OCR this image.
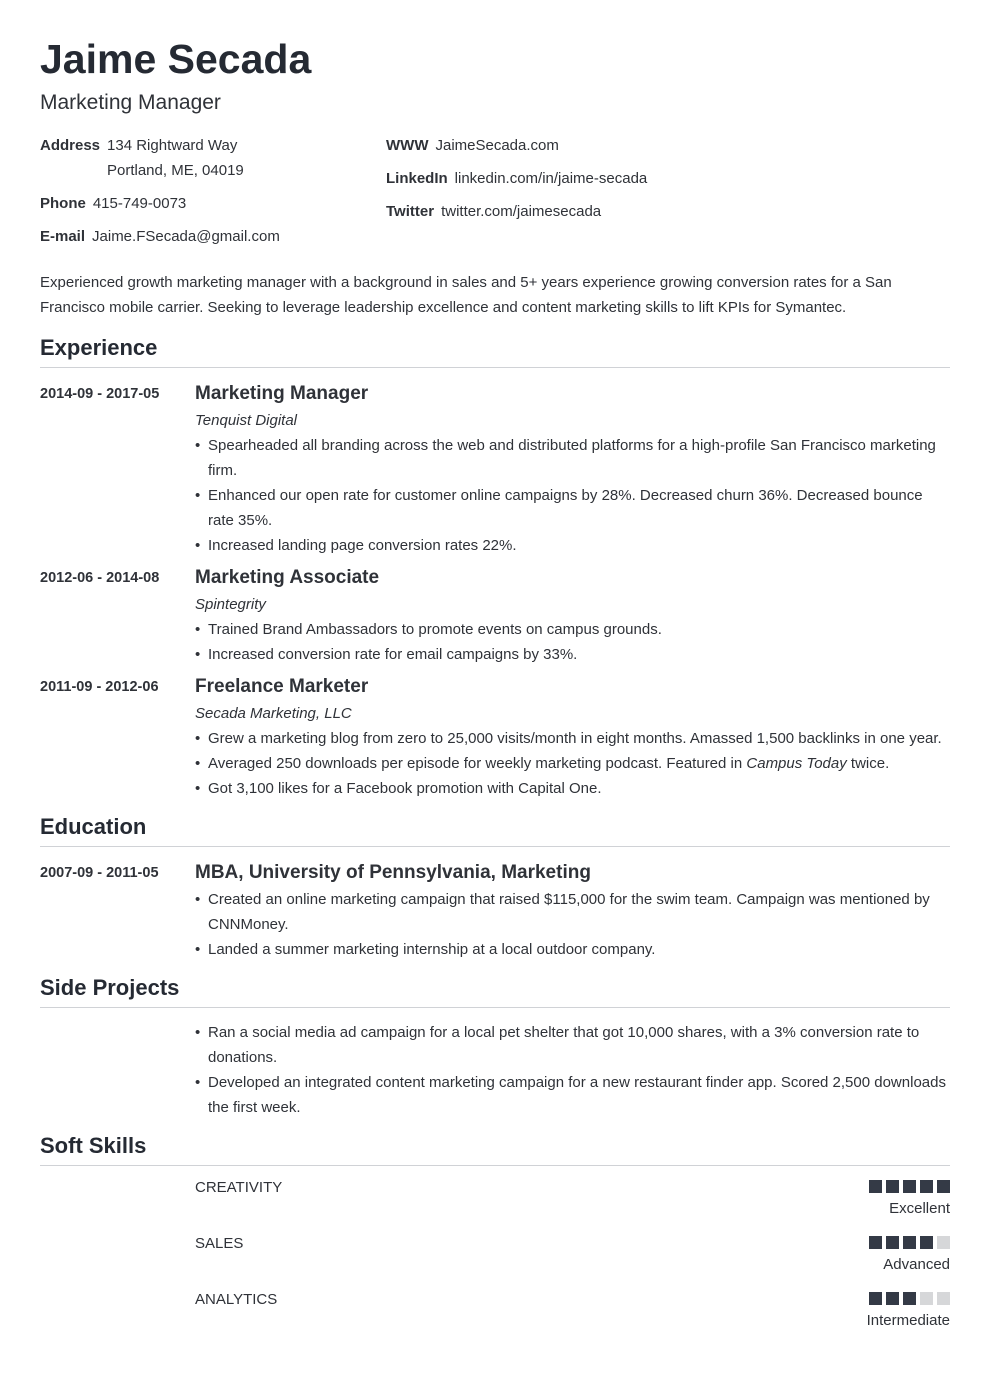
Jaime Secada
Marketing Manager
Address 134 Rightward Way
Portland, ME, 04019
Phone 415-749-0073
E-mail Jaime.FSecada@gmail.com
WWW JaimeSecada.com
LinkedIn linkedin.com/in/jaime-secada
Twitter twitter.com/jaimesecada
Experienced growth marketing manager with a background in sales and 5+ years experience growing conversion rates for a San Francisco mobile carrier. Seeking to leverage leadership excellence and content marketing skills to lift KPIs for Symantec.
Experience
2014-09 - 2017-05	Marketing Manager
Tenquist Digital
• Spearheaded all branding across the web and distributed platforms for a high-profile San Francisco marketing firm.
• Enhanced our open rate for customer online campaigns by 28%. Decreased churn 36%. Decreased bounce rate 35%.
• Increased landing page conversion rates 22%.
2012-06 - 2014-08	Marketing Associate
Spintegrity
• Trained Brand Ambassadors to promote events on campus grounds.
• Increased conversion rate for email campaigns by 33%.
2011-09 - 2012-06	Freelance Marketer
Secada Marketing, LLC
• Grew a marketing blog from zero to 25,000 visits/month in eight months. Amassed 1,500 backlinks in one year.
• Averaged 250 downloads per episode for weekly marketing podcast. Featured in Campus Today twice.
• Got 3,100 likes for a Facebook promotion with Capital One.
Education
2007-09 - 2011-05	MBA, University of Pennsylvania, Marketing
• Created an online marketing campaign that raised $115,000 for the swim team. Campaign was mentioned by CNNMoney.
• Landed a summer marketing internship at a local outdoor company.
Side Projects
• Ran a social media ad campaign for a local pet shelter that got 10,000 shares, with a 3% conversion rate to donations.
• Developed an integrated content marketing campaign for a new restaurant finder app. Scored 2,500 downloads the first week.
Soft Skills
CREATIVITY
Excellent
SALES
Advanced
ANALYTICS
Intermediate
